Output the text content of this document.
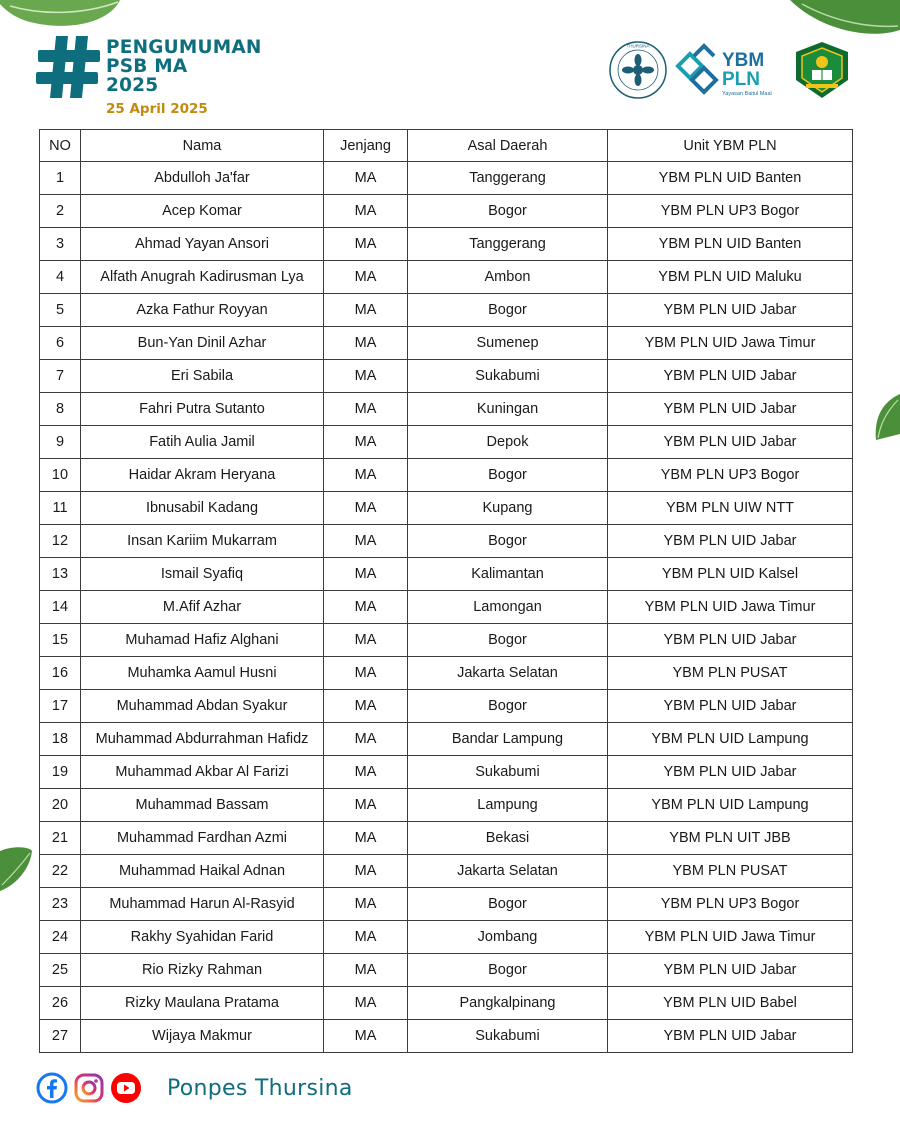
PENGUMUMAN
PSB MA
2025
25 April 2025
THURSINA
YBM
PLN
Yayasan Baitul Maal
NO	Nama	Jenjang	Asal Daerah	Unit YBM PLN
1	Abdulloh Ja'far	MA	Tanggerang	YBM PLN UID Banten
2	Acep Komar	MA	Bogor	YBM PLN UP3 Bogor
3	Ahmad Yayan Ansori	MA	Tanggerang	YBM PLN UID Banten
4	Alfath Anugrah Kadirusman Lya	MA	Ambon	YBM PLN UID Maluku
5	Azka Fathur Royyan	MA	Bogor	YBM PLN UID Jabar
6	Bun-Yan Dinil Azhar	MA	Sumenep	YBM PLN UID Jawa Timur
7	Eri Sabila	MA	Sukabumi	YBM PLN UID Jabar
8	Fahri Putra Sutanto	MA	Kuningan	YBM PLN UID Jabar
9	Fatih Aulia Jamil	MA	Depok	YBM PLN UID Jabar
10	Haidar Akram Heryana	MA	Bogor	YBM PLN UP3 Bogor
11	Ibnusabil Kadang	MA	Kupang	YBM PLN UIW NTT
12	Insan Kariim Mukarram	MA	Bogor	YBM PLN UID Jabar
13	Ismail Syafiq	MA	Kalimantan	YBM PLN UID Kalsel
14	M.Afif Azhar	MA	Lamongan	YBM PLN UID Jawa Timur
15	Muhamad Hafiz Alghani	MA	Bogor	YBM PLN UID Jabar
16	Muhamka Aamul Husni	MA	Jakarta Selatan	YBM PLN PUSAT
17	Muhammad Abdan Syakur	MA	Bogor	YBM PLN UID Jabar
18	Muhammad Abdurrahman Hafidz	MA	Bandar Lampung	YBM PLN UID Lampung
19	Muhammad Akbar Al Farizi	MA	Sukabumi	YBM PLN UID Jabar
20	Muhammad Bassam	MA	Lampung	YBM PLN UID Lampung
21	Muhammad Fardhan Azmi	MA	Bekasi	YBM PLN UIT JBB
22	Muhammad Haikal Adnan	MA	Jakarta Selatan	YBM PLN PUSAT
23	Muhammad Harun Al-Rasyid	MA	Bogor	YBM PLN UP3 Bogor
24	Rakhy Syahidan Farid	MA	Jombang	YBM PLN UID Jawa Timur
25	Rio Rizky Rahman	MA	Bogor	YBM PLN UID Jabar
26	Rizky Maulana Pratama	MA	Pangkalpinang	YBM PLN UID Babel
27	Wijaya Makmur	MA	Sukabumi	YBM PLN UID Jabar
Ponpes Thursina
